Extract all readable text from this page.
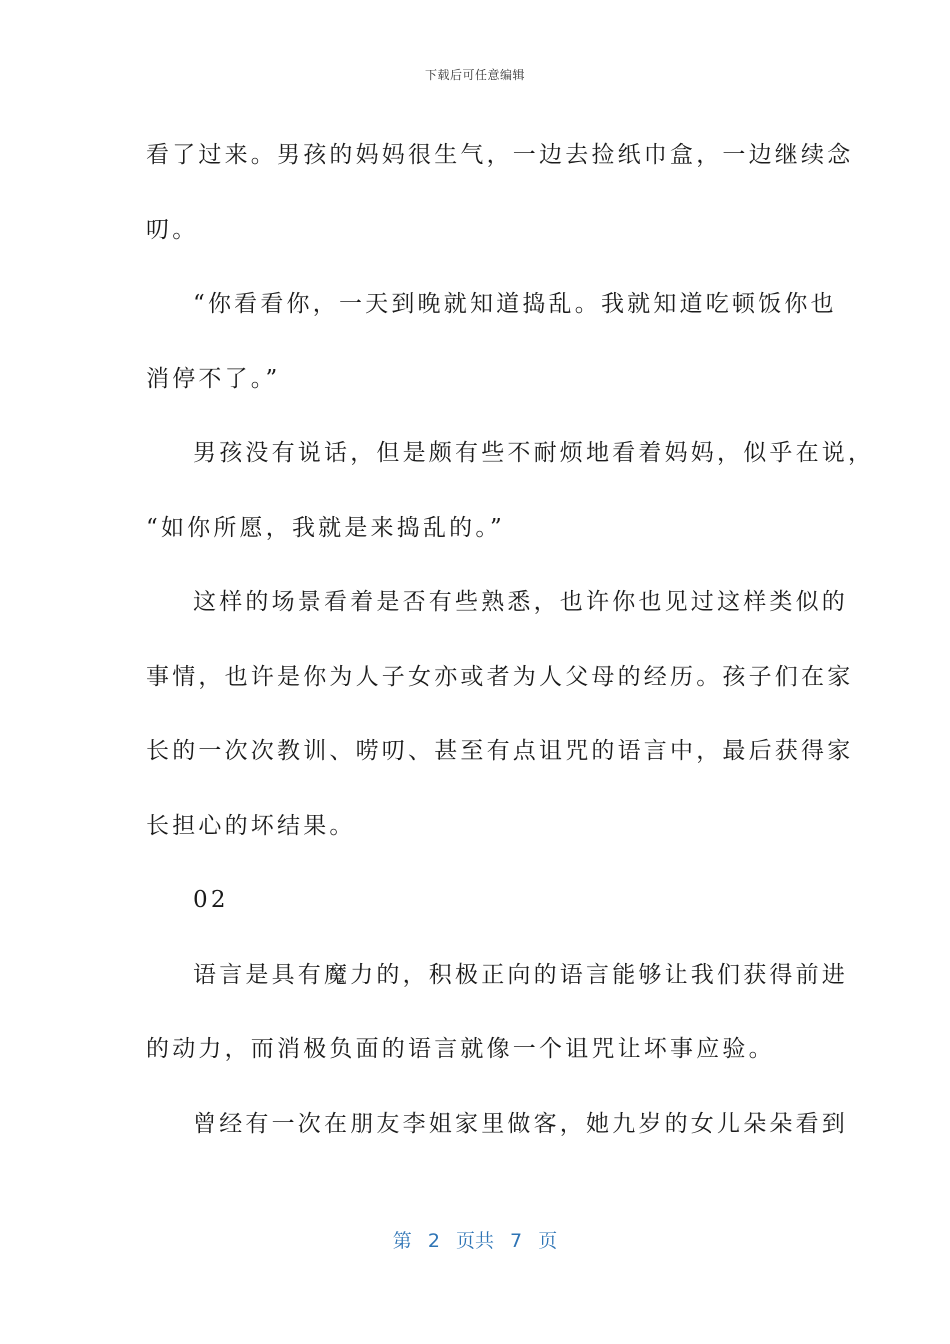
下载后可任意编辑
看了过来。男孩的妈妈很生气，一边去捡纸巾盒，一边继续念
叨。
“你看看你，一天到晚就知道捣乱。我就知道吃顿饭你也
消停不了。”
男孩没有说话，但是颇有些不耐烦地看着妈妈，似乎在说，
“如你所愿，我就是来捣乱的。”
这样的场景看着是否有些熟悉，也许你也见过这样类似的
事情，也许是你为人子女亦或者为人父母的经历。孩子们在家
长的一次次教训、唠叨、甚至有点诅咒的语言中，最后获得家
长担心的坏结果。
02
语言是具有魔力的，积极正向的语言能够让我们获得前进
的动力，而消极负面的语言就像一个诅咒让坏事应验。
曾经有一次在朋友李姐家里做客，她九岁的女儿朵朵看到
第 2 页共 7 页
